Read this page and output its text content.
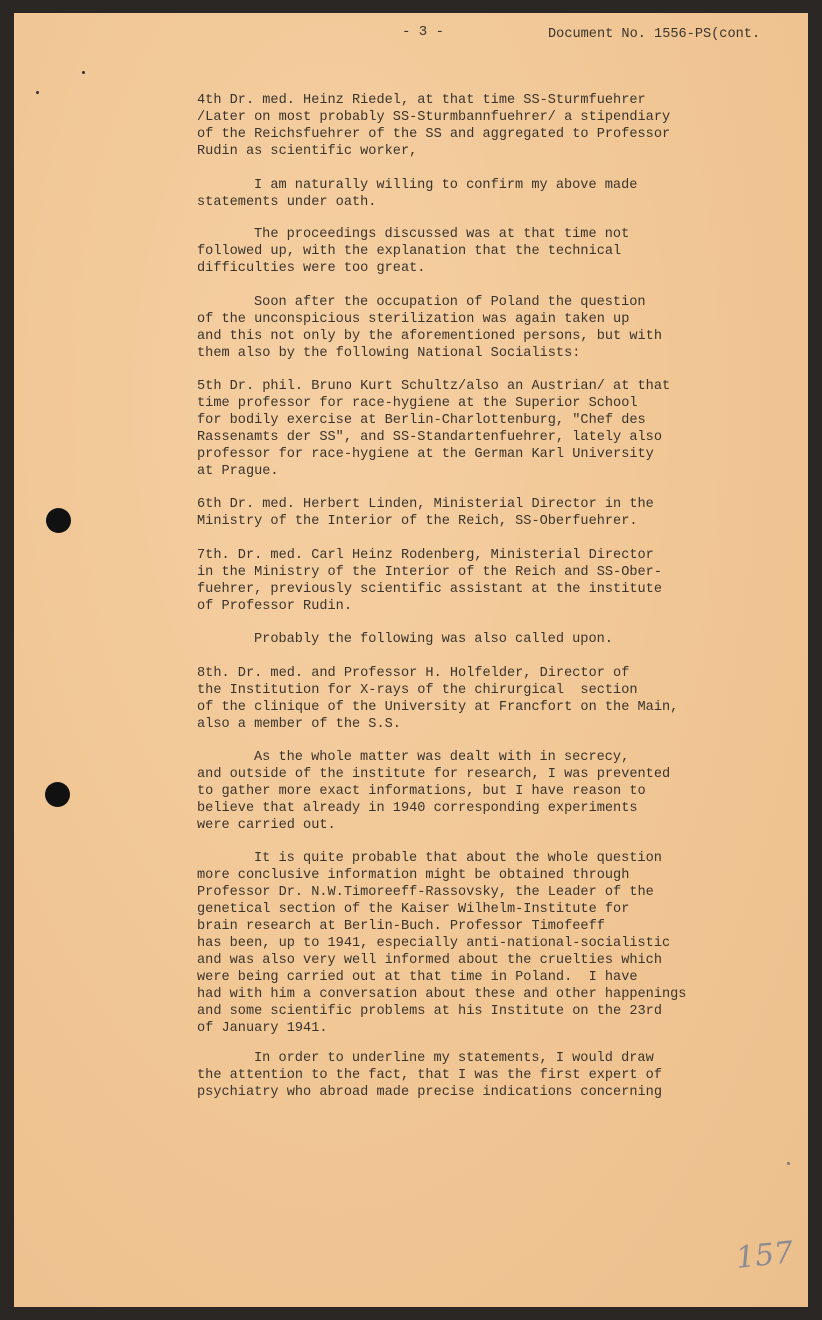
- 3 -	Document No. 1556-PS(cont.
4th Dr. med. Heinz Riedel, at that time SS-Sturmfuehrer
/Later on most probably SS-Sturmbannfuehrer/ a stipendiary
of the Reichsfuehrer of the SS and aggregated to Professor
Rudin as scientific worker,
I am naturally willing to confirm my above made
statements under oath.
The proceedings discussed was at that time not
followed up, with the explanation that the technical
difficulties were too great.
Soon after the occupation of Poland the question
of the unconspicious sterilization was again taken up
and this not only by the aforementioned persons, but with
them also by the following National Socialists:
5th Dr. phil. Bruno Kurt Schultz/also an Austrian/ at that
time professor for race-hygiene at the Superior School
for bodily exercise at Berlin-Charlottenburg, "Chef des
Rassenamts der SS", and SS-Standartenfuehrer, lately also
professor for race-hygiene at the German Karl University
at Prague.
6th Dr. med. Herbert Linden, Ministerial Director in the
Ministry of the Interior of the Reich, SS-Oberfuehrer.
7th. Dr. med. Carl Heinz Rodenberg, Ministerial Director
in the Ministry of the Interior of the Reich and SS-Ober-
fuehrer, previously scientific assistant at the institute
of Professor Rudin.
Probably the following was also called upon.
8th. Dr. med. and Professor H. Holfelder, Director of
the Institution for X-rays of the chirurgical  section
of the clinique of the University at Francfort on the Main,
also a member of the S.S.
As the whole matter was dealt with in secrecy,
and outside of the institute for research, I was prevented
to gather more exact informations, but I have reason to
believe that already in 1940 corresponding experiments
were carried out.
It is quite probable that about the whole question
more conclusive information might be obtained through
Professor Dr. N.W.Timoreeff-Rassovsky, the Leader of the
genetical section of the Kaiser Wilhelm-Institute for
brain research at Berlin-Buch. Professor Timofeeff
has been, up to 1941, especially anti-national-socialistic
and was also very well informed about the cruelties which
were being carried out at that time in Poland.  I have
had with him a conversation about these and other happenings
and some scientific problems at his Institute on the 23rd
of January 1941.
In order to underline my statements, I would draw
the attention to the fact, that I was the first expert of
psychiatry who abroad made precise indications concerning
157
